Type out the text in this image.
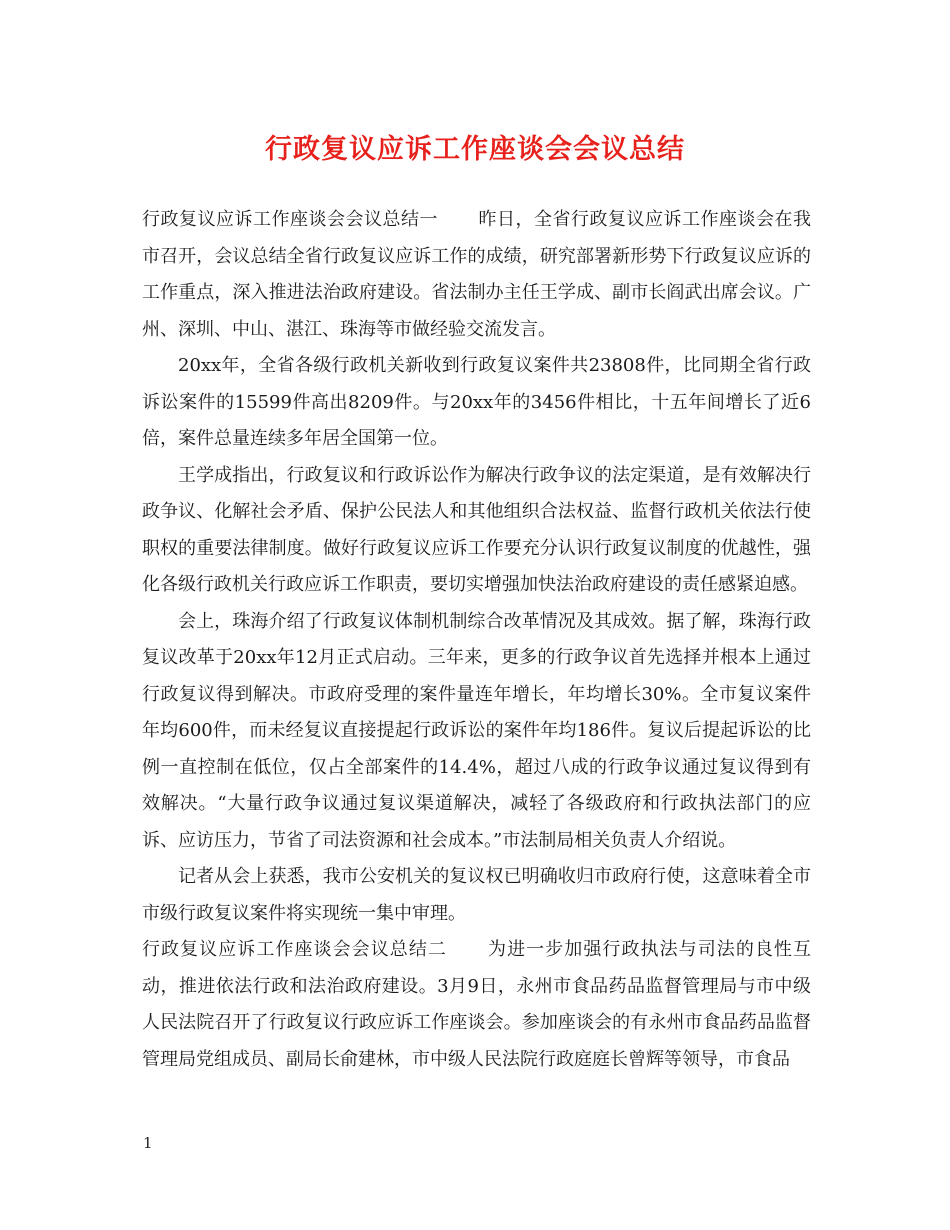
行政复议应诉工作座谈会会议总结

行政复议应诉工作座谈会会议总结一 昨日，全省行政复议应诉工作座谈会在我市召开，会议总结全省行政复议应诉工作的成绩，研究部署新形势下行政复议应诉的工作重点，深入推进法治政府建设。省法制办主任王学成、副市长阎武出席会议。广州、深圳、中山、湛江、珠海等市做经验交流发言。

20xx年，全省各级行政机关新收到行政复议案件共23808件，比同期全省行政诉讼案件的15599件高出8209件。与20xx年的3456件相比，十五年间增长了近6倍，案件总量连续多年居全国第一位。

王学成指出，行政复议和行政诉讼作为解决行政争议的法定渠道，是有效解决行政争议、化解社会矛盾、保护公民法人和其他组织合法权益、监督行政机关依法行使职权的重要法律制度。做好行政复议应诉工作要充分认识行政复议制度的优越性，强化各级行政机关行政应诉工作职责，要切实增强加快法治政府建设的责任感紧迫感。

会上，珠海介绍了行政复议体制机制综合改革情况及其成效。据了解，珠海行政复议改革于20xx年12月正式启动。三年来，更多的行政争议首先选择并根本上通过行政复议得到解决。市政府受理的案件量连年增长，年均增长30%。全市复议案件年均600件，而未经复议直接提起行政诉讼的案件年均186件。复议后提起诉讼的比例一直控制在低位，仅占全部案件的14.4%，超过八成的行政争议通过复议得到有效解决。“大量行政争议通过复议渠道解决，减轻了各级政府和行政执法部门的应诉、应访压力，节省了司法资源和社会成本。”市法制局相关负责人介绍说。

记者从会上获悉，我市公安机关的复议权已明确收归市政府行使，这意味着全市市级行政复议案件将实现统一集中审理。

行政复议应诉工作座谈会会议总结二 为进一步加强行政执法与司法的良性互动，推进依法行政和法治政府建设。3月9日，永州市食品药品监督管理局与市中级人民法院召开了行政复议行政应诉工作座谈会。参加座谈会的有永州市食品药品监督管理局党组成员、副局长俞建林，市中级人民法院行政庭庭长曾辉等领导，市食品

1
